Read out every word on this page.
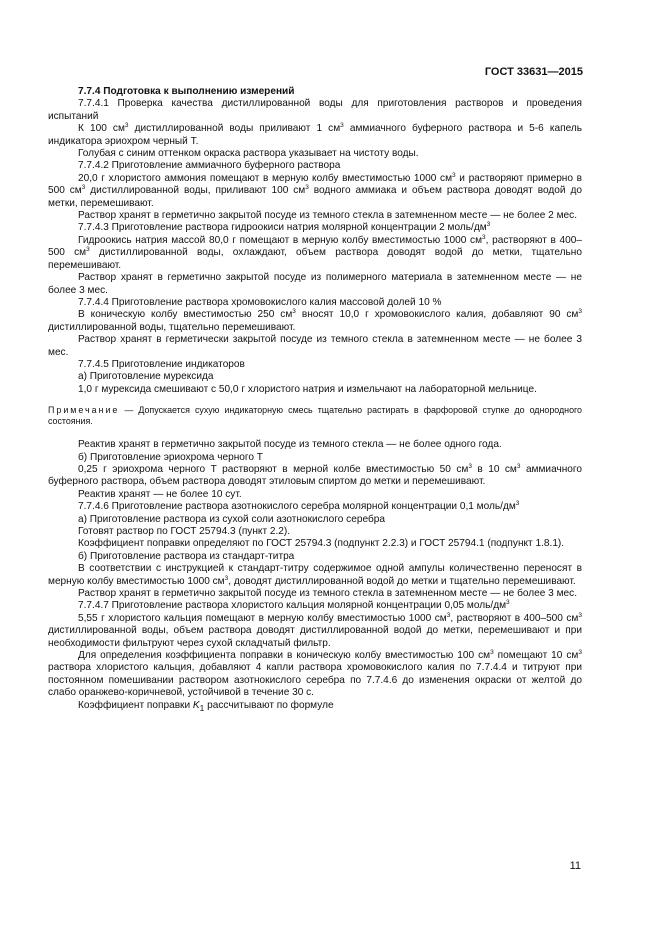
ГОСТ 33631—2015

7.7.4 Подготовка к выполнению измерений

7.7.4.1 Проверка качества дистиллированной воды для приготовления растворов и проведения испытаний

К 100 $см^3$ дистиллированной воды приливают 1 $см^3$ аммиачного буферного раствора и 5-6 капель индикатора эриохром черный Т.

Голубая с синим оттенком окраска раствора указывает на чистоту воды.

7.7.4.2 Приготовление аммиачного буферного раствора

20,0 г хлористого аммония помещают в мерную колбу вместимостью 1000 $см^3$ и растворяют примерно в 500 $см^3$ дистиллированной воды, приливают 100 $см^3$ водного аммиака и объем раствора доводят водой до метки, перемешивают.

Раствор хранят в герметично закрытой посуде из темного стекла в затемненном месте — не более 2 мес.

7.7.4.3 Приготовление раствора гидроокиси натрия молярной концентрации 2 моль/$дм^3$

Гидроокись натрия массой 80,0 г помещают в мерную колбу вместимостью 1000 $см^3$, растворяют в 400–500 $см^3$ дистиллированной воды, охлаждают, объем раствора доводят водой до метки, тщательно перемешивают.

Раствор хранят в герметично закрытой посуде из полимерного материала в затемненном месте — не более 3 мес.

7.7.4.4 Приготовление раствора хромовокислого калия массовой долей 10 %

В коническую колбу вместимостью 250 $см^3$ вносят 10,0 г хромовокислого калия, добавляют 90 $см^3$ дистиллированной воды, тщательно перемешивают.

Раствор хранят в герметически закрытой посуде из темного стекла в затемненном месте — не более 3 мес.

7.7.4.5 Приготовление индикаторов

а) Приготовление мурексида

1,0 г мурексида смешивают с 50,0 г хлористого натрия и измельчают на лабораторной мельнице.

Примечание — Допускается сухую индикаторную смесь тщательно растирать в фарфоровой ступке до однородного состояния.

Реактив хранят в герметично закрытой посуде из темного стекла — не более одного года.

б) Приготовление эриохрома черного Т

0,25 г эриохрома черного Т растворяют в мерной колбе вместимостью 50 $см^3$ в 10 $см^3$ аммиачного буферного раствора, объем раствора доводят этиловым спиртом до метки и перемешивают.

Реактив хранят — не более 10 сут.

7.7.4.6 Приготовление раствора азотнокислого серебра молярной концентрации 0,1 моль/$дм^3$

а) Приготовление раствора из сухой соли азотнокислого серебра

Готовят раствор по ГОСТ 25794.3 (пункт 2.2).

Коэффициент поправки определяют по ГОСТ 25794.3 (подпункт 2.2.3) и ГОСТ 25794.1 (подпункт 1.8.1).

б) Приготовление раствора из стандарт-титра

В соответствии с инструкцией к стандарт-титру содержимое одной ампулы количественно переносят в мерную колбу вместимостью 1000 $см^3$, доводят дистиллированной водой до метки и тщательно перемешивают.

Раствор хранят в герметично закрытой посуде из темного стекла в затемненном месте — не более 3 мес.

7.7.4.7 Приготовление раствора хлористого кальция молярной концентрации 0,05 моль/$дм^3$

5,55 г хлористого кальция помещают в мерную колбу вместимостью 1000 $см^3$, растворяют в 400–500 $см^3$ дистиллированной воды, объем раствора доводят дистиллированной водой до метки, перемешивают и при необходимости фильтруют через сухой складчатый фильтр.

Для определения коэффициента поправки в коническую колбу вместимостью 100 $см^3$ помещают 10 $см^3$ раствора хлористого кальция, добавляют 4 капли раствора хромовокислого калия по 7.7.4.4 и титруют при постоянном помешивании раствором азотнокислого серебра по 7.7.4.6 до изменения окраски от желтой до слабо оранжево-коричневой, устойчивой в течение 30 с.

Коэффициент поправки $K_1$ рассчитывают по формуле

11
